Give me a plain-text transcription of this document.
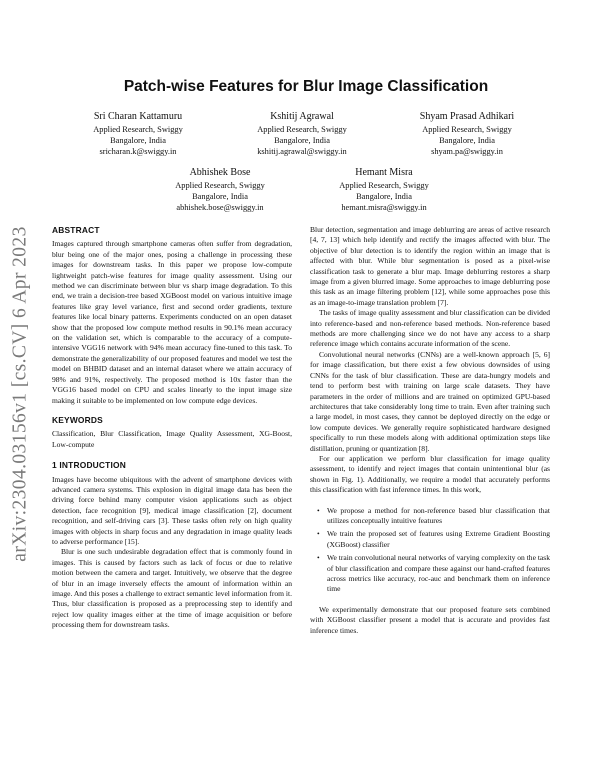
arXiv:2304.03156v1 [cs.CV] 6 Apr 2023
Patch-wise Features for Blur Image Classification
Sri Charan Kattamuru
Applied Research, Swiggy
Bangalore, India
sricharan.k@swiggy.in
Kshitij Agrawal
Applied Research, Swiggy
Bangalore, India
kshitij.agrawal@swiggy.in
Shyam Prasad Adhikari
Applied Research, Swiggy
Bangalore, India
shyam.pa@swiggy.in
Abhishek Bose
Applied Research, Swiggy
Bangalore, India
abhishek.bose@swiggy.in
Hemant Misra
Applied Research, Swiggy
Bangalore, India
hemant.misra@swiggy.in
ABSTRACT

Images captured through smartphone cameras often suffer from degradation, blur being one of the major ones, posing a challenge in processing these images for downstream tasks. In this paper we propose low-compute lightweight patch-wise features for image quality assessment. Using our method we can discriminate between blur vs sharp image degradation. To this end, we train a decision-tree based XGBoost model on various intuitive image features like gray level variance, first and second order gradients, texture features like local binary patterns. Experiments conducted on an open dataset show that the proposed low compute method results in 90.1% mean accuracy on the validation set, which is comparable to the accuracy of a compute-intensive VGG16 network with 94% mean accuracy fine-tuned to this task. To demonstrate the generalizability of our proposed features and model we test the model on BHBID dataset and an internal dataset where we attain accuracy of 98% and 91%, respectively. The proposed method is 10x faster than the VGG16 based model on CPU and scales linearly to the input image size making it suitable to be implemented on low compute edge devices.

KEYWORDS

Classification, Blur Classification, Image Quality Assessment, XG-Boost, Low-compute

1 INTRODUCTION

Images have become ubiquitous with the advent of smartphone devices with advanced camera systems. This explosion in digital image data has been the driving force behind many computer vision applications such as object detection, face recognition [9], medical image classification [2], document recognition, and self-driving cars [3]. These tasks often rely on high quality images with objects in sharp focus and any degradation in image quality leads to adverse performance [15].

Blur is one such undesirable degradation effect that is commonly found in images. This is caused by factors such as lack of focus or due to relative motion between the camera and target. Intuitively, we observe that the degree of blur in an image inversely effects the amount of information within an image. And this poses a challenge to extract semantic level information from it. Thus, blur classification is proposed as a preprocessing step to identify and reject low quality images either at the time of image acquisition or before processing them for downstream tasks.

Blur detection, segmentation and image deblurring are areas of active research [4, 7, 13] which help identify and rectify the images affected with blur. The objective of blur detection is to identify the region within an image that is affected with blur. While blur segmentation is posed as a pixel-wise classification task to generate a blur map. Image deblurring restores a sharp image from a given blurred image. Some approaches to image deblurring pose this task as an image filtering problem [12], while some approaches pose this as an image-to-image translation problem [7].

The tasks of image quality assessment and blur classification can be divided into reference-based and non-reference based methods. Non-reference based methods are more challenging since we do not have any access to a sharp reference image which contains accurate information of the scene.

Convolutional neural networks (CNNs) are a well-known approach [5, 6] for image classification, but there exist a few obvious downsides of using CNNs for the task of blur classification. These are data-hungry models and tend to perform best with training on large scale datasets. They have parameters in the order of millions and are trained on optimized GPU-based architectures that take considerably long time to train. Even after training such a large model, in most cases, they cannot be deployed directly on the edge or low compute devices. We generally require sophisticated hardware designed specifically to run these models along with additional optimization steps like distillation, pruning or quantization [8].

For our application we perform blur classification for image quality assessment, to identify and reject images that contain unintentional blur (as shown in Fig. 1). Additionally, we require a model that accurately performs this classification with fast inference times. In this work,

• We propose a method for non-reference based blur classification that utilizes conceptually intuitive features
• We train the proposed set of features using Extreme Gradient Boosting (XGBoost) classifier
• We train convolutional neural networks of varying complexity on the task of blur classification and compare these against our hand-crafted features across metrics like accuracy, roc-auc and benchmark them on inference time

We experimentally demonstrate that our proposed feature sets combined with XGBoost classifier present a model that is accurate and provides fast inference times.
